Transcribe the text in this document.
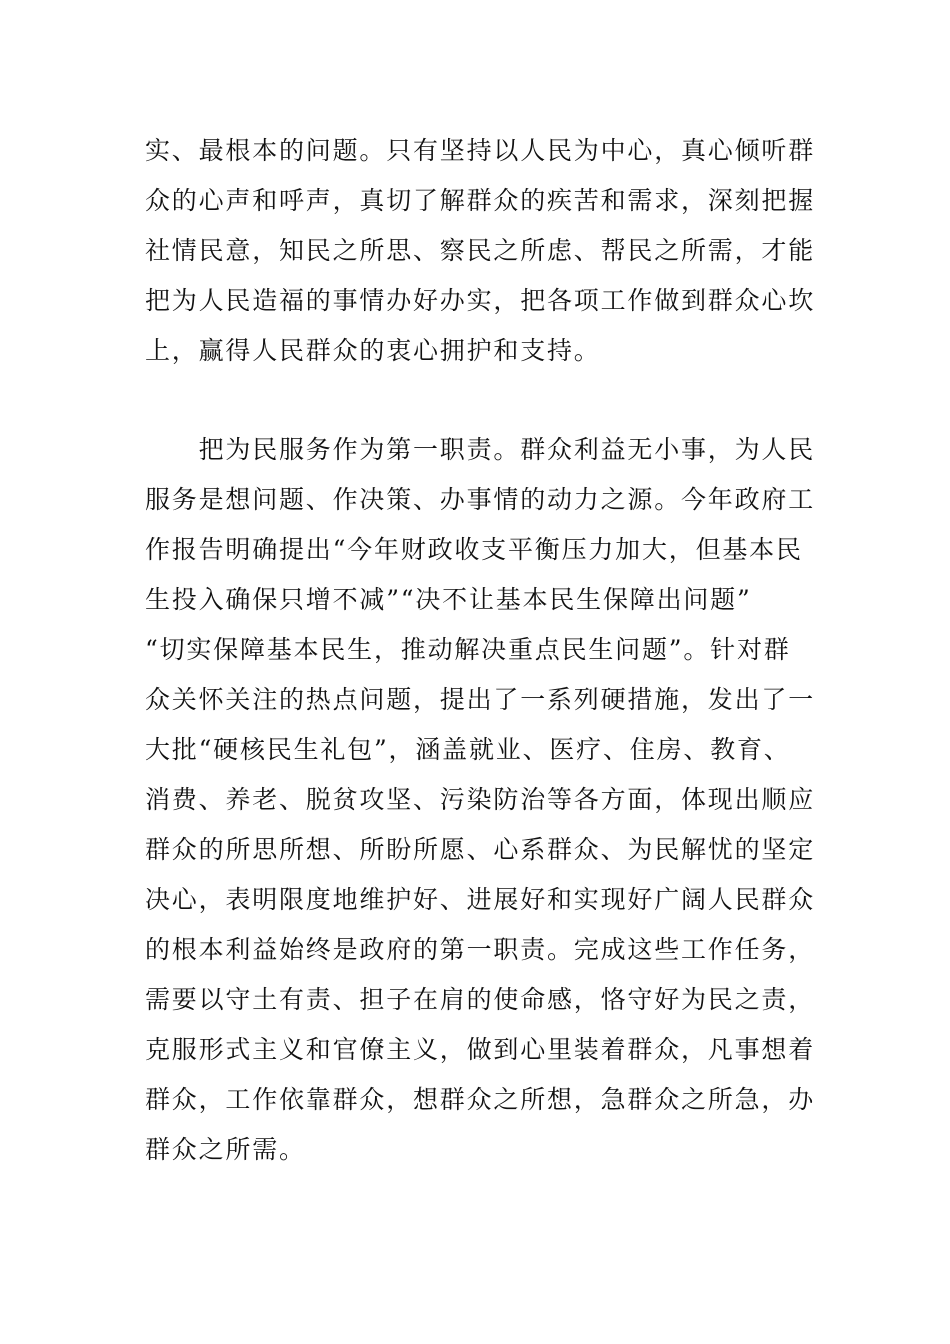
实、最根本的问题。只有坚持以人民为中心，真心倾听群
众的心声和呼声，真切了解群众的疾苦和需求，深刻把握
社情民意，知民之所思、察民之所虑、帮民之所需，才能
把为人民造福的事情办好办实，把各项工作做到群众心坎
上，赢得人民群众的衷心拥护和支持。
　　把为民服务作为第一职责。群众利益无小事，为人民
服务是想问题、作决策、办事情的动力之源。今年政府工
作报告明确提出“今年财政收支平衡压力加大，但基本民
生投入确保只增不减”“决不让基本民生保障出问题”
“切实保障基本民生，推动解决重点民生问题”。针对群
众关怀关注的热点问题，提出了一系列硬措施，发出了一
大批“硬核民生礼包”，涵盖就业、医疗、住房、教育、
消费、养老、脱贫攻坚、污染防治等各方面，体现出顺应
群众的所思所想、所盼所愿、心系群众、为民解忧的坚定
决心，表明限度地维护好、进展好和实现好广阔人民群众
的根本利益始终是政府的第一职责。完成这些工作任务，
需要以守土有责、担子在肩的使命感，恪守好为民之责，
克服形式主义和官僚主义，做到心里装着群众，凡事想着
群众，工作依靠群众，想群众之所想，急群众之所急，办
群众之所需。
